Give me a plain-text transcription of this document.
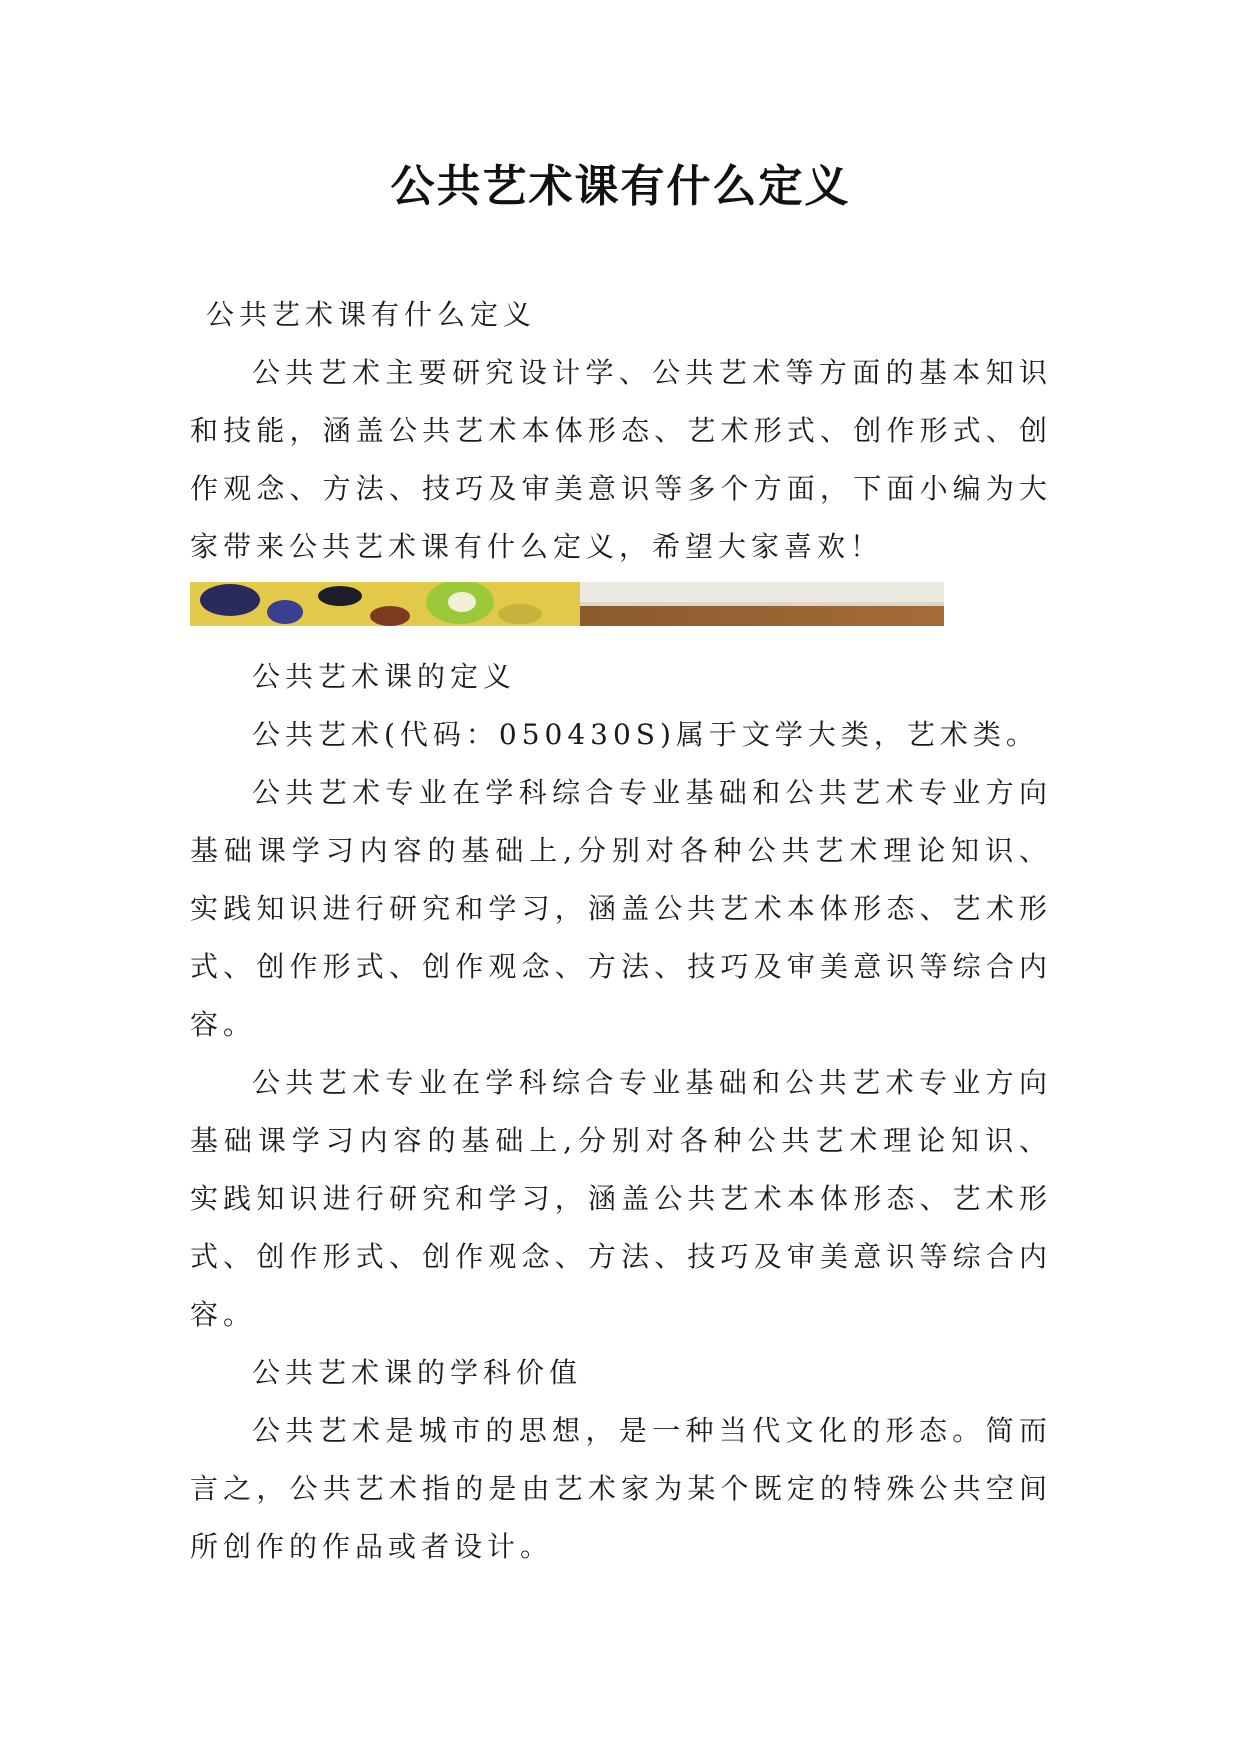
公共艺术课有什么定义

公共艺术课有什么定义

公共艺术主要研究设计学、公共艺术等方面的基本知识和技能，涵盖公共艺术本体形态、艺术形式、创作形式、创作观念、方法、技巧及审美意识等多个方面，下面小编为大家带来公共艺术课有什么定义，希望大家喜欢！

公共艺术课的定义

公共艺术(代码：050430S)属于文学大类，艺术类。

公共艺术专业在学科综合专业基础和公共艺术专业方向基础课学习内容的基础上,分别对各种公共艺术理论知识、实践知识进行研究和学习，涵盖公共艺术本体形态、艺术形式、创作形式、创作观念、方法、技巧及审美意识等综合内容。

公共艺术专业在学科综合专业基础和公共艺术专业方向基础课学习内容的基础上,分别对各种公共艺术理论知识、实践知识进行研究和学习，涵盖公共艺术本体形态、艺术形式、创作形式、创作观念、方法、技巧及审美意识等综合内容。

公共艺术课的学科价值

公共艺术是城市的思想，是一种当代文化的形态。简而言之，公共艺术指的是由艺术家为某个既定的特殊公共空间所创作的作品或者设计。
